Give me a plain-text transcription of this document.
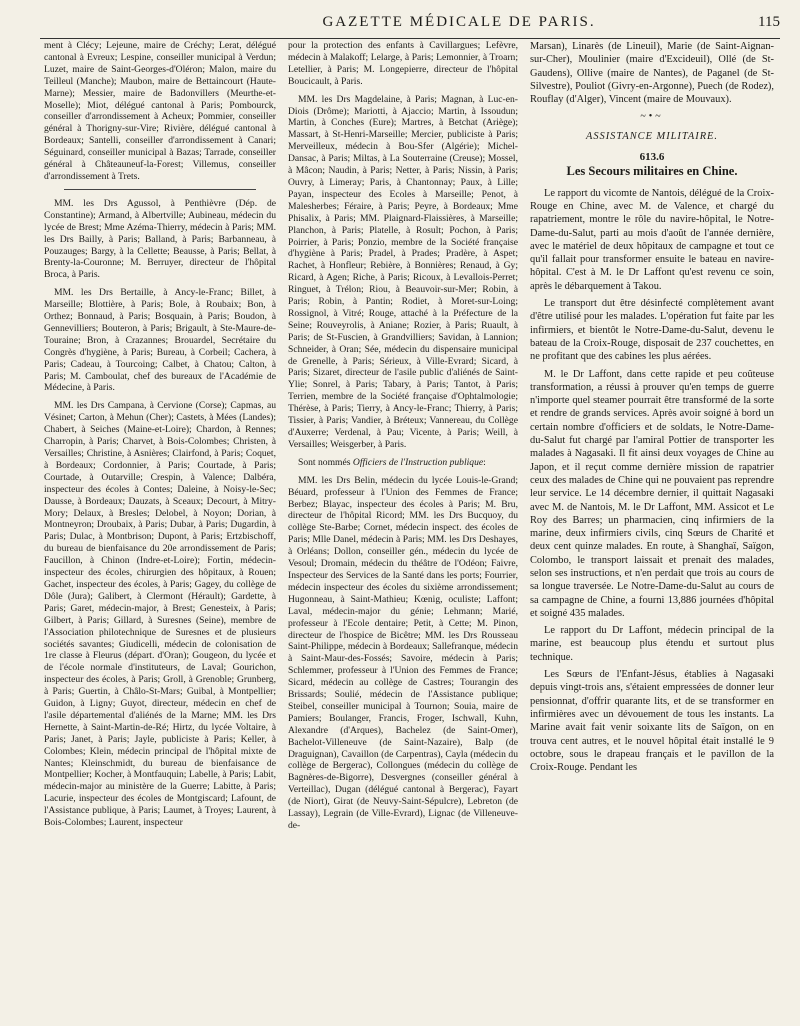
GAZETTE MÉDICALE DE PARIS.	115

ment à Clécy; Lejeune, maire de Créchy; Lerat, délégué cantonal à Evreux; Lespine, conseiller municipal à Verdun; Luzet, maire de Saint-Georges-d'Oléron; Malon, maire du Teilleul (Manche); Maubon, maire de Bettaincourt (Haute-Marne); Messier, maire de Badonvillers (Meurthe-et-Moselle); Miot, délégué cantonal à Paris; Pombourck, conseiller d'arrondissement à Acheux; Pommier, conseiller général à Thorigny-sur-Vire; Rivière, délégué cantonal à Bordeaux; Santelli, conseiller d'arrondissement à Canari; Séguinard, conseiller municipal à Bazas; Tarrade, conseiller général à Châteauneuf-la-Forest; Villemus, conseiller d'arrondissement à Trets.

MM. les Drs Agussol, à Penthièvre (Dép. de Constantine); Armand, à Albertville; Aubineau, médecin du lycée de Brest; Mme Azéma-Thierry, médecin à Paris; MM. les Drs Bailly, à Paris; Balland, à Paris; Barbanneau, à Pouzauges; Bargy, à la Cellette; Beausse, à Paris; Bellat, à Brenty-la-Couronne; M. Berruyer, directeur de l'hôpital Broca, à Paris.

MM. les Drs Bertaille, à Ancy-le-Franc; Billet, à Marseille; Blottière, à Paris; Bole, à Roubaix; Bon, à Orthez; Bonnaud, à Paris; Bosquain, à Paris; Boudon, à Gennevilliers; Bouteron, à Paris; Brigault, à Ste-Maure-de-Touraine; Bron, à Crazannes; Brouardel, Secrétaire du Congrès d'hygiène, à Paris; Bureau, à Corbeil; Cachera, à Paris; Cadeau, à Tourcoing; Calbet, à Chatou; Calton, à Paris; M. Camboulat, chef des bureaux de l'Académie de Médecine, à Paris.

MM. les Drs Campana, à Cervione (Corse); Capmas, au Vésinet; Carton, à Mehun (Cher); Castets, à Mées (Landes); Chabert, à Seiches (Maine-et-Loire); Chardon, à Rennes; Charropin, à Paris; Charvet, à Bois-Colombes; Christen, à Versailles; Christine, à Asnières; Clairfond, à Paris; Coquet, à Bordeaux; Cordonnier, à Paris; Courtade, à Paris; Courtade, à Outarville; Crespin, à Valence; Dalbéra, inspecteur des écoles à Contes; Daleine, à Noisy-le-Sec; Dausse, à Bordeaux; Dauzats, à Sceaux; Decourt, à Mitry-Mory; Delaux, à Bresles; Delobel, à Noyon; Dorian, à Montneyron; Droubaix, à Paris; Dubar, à Paris; Dugardin, à Paris; Dulac, à Montbrison; Dupont, à Paris; Ertzbischoff, du bureau de bienfaisance du 20e arrondissement de Paris; Faucillon, à Chinon (Indre-et-Loire); Fortin, médecin-inspecteur des écoles, chirurgien des hôpitaux, à Rouen; Gachet, inspecteur des écoles, à Paris; Gagey, du collège de Dôle (Jura); Galibert, à Clermont (Hérault); Gardette, à Paris; Garet, médecin-major, à Brest; Genesteix, à Paris; Gilbert, à Paris; Gillard, à Suresnes (Seine), membre de l'Association philotechnique de Suresnes et de plusieurs sociétés savantes; Giudicelli, médecin de colonisation de 1re classe à Fleurus (départ. d'Oran); Gougeon, du lycée et de l'école normale d'instituteurs, de Laval; Gourichon, inspecteur des écoles, à Paris; Groll, à Grenoble; Grunberg, à Paris; Guertin, à Châlo-St-Mars; Guibal, à Montpellier; Guidon, à Ligny; Guyot, directeur, médecin en chef de l'asile départemental d'aliénés de la Marne; MM. les Drs Hernette, à Saint-Martin-de-Ré; Hirtz, du lycée Voltaire, à Paris; Janet, à Paris; Jayle, publiciste à Paris; Keller, à Colombes; Klein, médecin principal de l'hôpital mixte de Nantes; Kleinschmidt, du bureau de bienfaisance de Montpellier; Kocher, à Montfauquin; Labelle, à Paris; Labit, médecin-major au ministère de la Guerre; Labitte, à Paris; Lacurie, inspecteur des écoles de Montgiscard; Lafount, de l'Assistance publique, à Paris; Laumet, à Troyes; Laurent, à Bois-Colombes; Laurent, inspecteur

pour la protection des enfants à Cavillargues; Lefèvre, médecin à Malakoff; Lelarge, à Paris; Lemonnier, à Troarn; Letellier, à Paris; M. Longepierre, directeur de l'hôpital Boucicault, à Paris.

MM. les Drs Magdelaine, à Paris; Magnan, à Luc-en-Diois (Drôme); Mariotti, à Ajaccio; Martin, à Issoudun; Martin, à Conches (Eure); Martres, à Betchat (Ariège); Massart, à St-Henri-Marseille; Mercier, publiciste à Paris; Merveilleux, médecin à Bou-Sfer (Algérie); Michel-Dansac, à Paris; Miltas, à La Souterraine (Creuse); Mossel, à Mâcon; Naudin, à Paris; Netter, à Paris; Nissin, à Paris; Ouvry, à Limeray; Paris, à Chantonnay; Paux, à Lille; Payan, inspecteur des Ecoles à Marseille; Penot, à Malesherbes; Féraire, à Paris; Peyre, à Bordeaux; Mme Phisalix, à Paris; MM. Plaignard-Flaissières, à Marseille; Planchon, à Paris; Platelle, à Rosult; Pochon, à Paris; Poirrier, à Paris; Ponzio, membre de la Société française d'hygiène à Paris; Pradel, à Prades; Pradère, à Aspet; Rachet, à Honfleur; Rebière, à Bonnières; Renaud, à Gy; Ricard, à Agen; Riche, à Paris; Ricoux, à Levallois-Perret; Ringuet, à Trélon; Riou, à Beauvoir-sur-Mer; Robin, à Paris; Robin, à Pantin; Rodiet, à Moret-sur-Loing; Rossignol, à Vitré; Rouge, attaché à la Préfecture de la Seine; Rouveyrolis, à Aniane; Rozier, à Paris; Ruault, à Paris; de St-Fuscien, à Grandvilliers; Savidan, à Lannion; Schneider, à Oran; Sée, médecin du dispensaire municipal de Grenelle, à Paris; Sérieux, à Ville-Evrard; Sicard, à Paris; Sizaret, directeur de l'asile public d'aliénés de Saint-Ylie; Sonrel, à Paris; Tabary, à Paris; Tantot, à Paris; Terrien, membre de la Société française d'Ophtalmologie; Thérèse, à Paris; Tierry, à Ancy-le-Franc; Thierry, à Paris; Tissier, à Paris; Vandier, à Bréteux; Vannereau, du Collège d'Auxerre; Verdenal, à Pau; Vicente, à Paris; Weill, à Versailles; Weisgerber, à Paris.

Sont nommés Officiers de l'Instruction publique:

MM. les Drs Belin, médecin du lycée Louis-le-Grand; Béuard, professeur à l'Union des Femmes de France; Berbez; Blayac, inspecteur des écoles à Paris; M. Bru, directeur de l'hôpital Ricord; MM. les Drs Bucquoy, du collège Ste-Barbe; Cornet, médecin inspect. des écoles de Paris; Mlle Danel, médecin à Paris; MM. les Drs Deshayes, à Orléans; Dollon, conseiller gén., médecin du lycée de Vesoul; Dromain, médecin du théâtre de l'Odéon; Faivre, Inspecteur des Services de la Santé dans les ports; Fourrier, médecin inspecteur des écoles du sixième arrondissement; Hugonneau, à Saint-Mathieu; Kœnig, oculiste; Laffont; Laval, médecin-major du génie; Lehmann; Marié, professeur à l'Ecole dentaire; Petit, à Cette; M. Pinon, directeur de l'hospice de Bicêtre; MM. les Drs Rousseau Saint-Philippe, médecin à Bordeaux; Sallefranque, médecin à Saint-Maur-des-Fossés; Savoire, médecin à Paris; Schlemmer, professeur à l'Union des Femmes de France; Sicard, médecin au collège de Castres; Tourangin des Brissards; Soulié, médecin de l'Assistance publique; Steibel, conseiller municipal à Tournon; Souia, maire de Pamiers; Boulanger, Francis, Froger, Ischwall, Kuhn, Alexandre (d'Arques), Bachelez (de Saint-Omer), Bachelot-Villeneuve (de Saint-Nazaire), Balp (de Draguignan), Cavaillon (de Carpentras), Cayla (médecin du collège de Bergerac), Collongues (médecin du collège de Bagnères-de-Bigorre), Desvergnes (conseiller général à Verteillac), Dugan (délégué cantonal à Bergerac), Fayart (de Niort), Girat (de Neuvy-Saint-Sépulcre), Lebreton (de Lassay), Legrain (de Ville-Evrard), Lignac (de Villeneuve-de-

Marsan), Linarès (de Lineuil), Marie (de Saint-Aignan-sur-Cher), Moulinier (maire d'Excideuil), Ollé (de St-Gaudens), Ollive (maire de Nantes), de Paganel (de St-Silvestre), Pouliot (Givry-en-Argonne), Puech (de Rodez), Rouflay (d'Alger), Vincent (maire de Mouvaux).

~•~
ASSISTANCE MILITAIRE.
613.6
Les Secours militaires en Chine.

Le rapport du vicomte de Nantois, délégué de la Croix-Rouge en Chine, avec M. de Valence, et chargé du rapatriement, montre le rôle du navire-hôpital, le Notre-Dame-du-Salut, parti au mois d'août de l'année dernière, avec le matériel de deux hôpitaux de campagne et tout ce qu'il fallait pour transformer ensuite le bateau en navire-hôpital. C'est à M. le Dr Laffont qu'est revenu ce soin, après le débarquement à Takou.

Le transport dut être désinfecté complètement avant d'être utilisé pour les malades. L'opération fut faite par les infirmiers, et bientôt le Notre-Dame-du-Salut, devenu le bateau de la Croix-Rouge, disposait de 237 couchettes, en ne profitant que des cabines les plus aérées.

M. le Dr Laffont, dans cette rapide et peu coûteuse transformation, a réussi à prouver qu'en temps de guerre n'importe quel steamer pourrait être transformé de la sorte et rendre de grands services. Après avoir soigné à bord un certain nombre d'officiers et de soldats, le Notre-Dame-du-Salut fut chargé par l'amiral Pottier de transporter les malades à Nagasaki. Il fit ainsi deux voyages de Chine au Japon, et il reçut comme dernière mission de rapatrier ceux des malades de Chine qui ne pouvaient pas reprendre leur service. Le 14 décembre dernier, il quittait Nagasaki avec M. de Nantois, M. le Dr Laffont, MM. Assicot et Le Roy des Barres; un pharmacien, cinq infirmiers de la marine, deux infirmiers civils, cinq Sœurs de Charité et deux cent quinze malades. En route, à Shanghaï, Saïgon, Colombo, le transport laissait et prenait des malades, selon ses instructions, et n'en perdait que trois au cours de sa longue traversée. Le Notre-Dame-du-Salut au cours de sa campagne de Chine, a fourni 13,886 journées d'hôpital et soigné 435 malades.

Le rapport du Dr Laffont, médecin principal de la marine, est beaucoup plus étendu et surtout plus technique.

Les Sœurs de l'Enfant-Jésus, établies à Nagasaki depuis vingt-trois ans, s'étaient empressées de donner leur pensionnat, d'offrir quarante lits, et de se transformer en infirmières avec un dévouement de tous les instants. La Marine avait fait venir soixante lits de Saïgon, on en trouva cent autres, et le nouvel hôpital était installé le 9 octobre, sous le drapeau français et le pavillon de la Croix-Rouge. Pendant les
